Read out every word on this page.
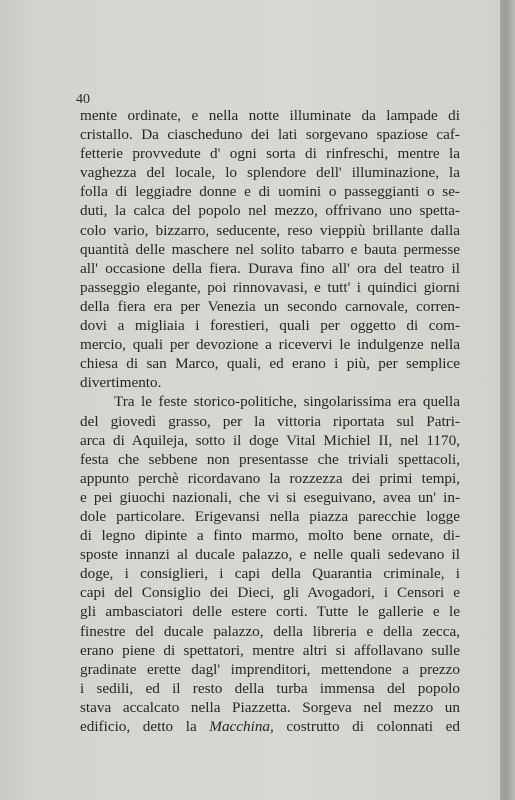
40
mente ordinate, e nella notte illuminate da lampade di
cristallo. Da ciascheduno dei lati sorgevano spaziose caf-
fetterie provvedute d' ogni sorta di rinfreschi, mentre la
vaghezza del locale, lo splendore dell' illuminazione, la
folla di leggiadre donne e di uomini o passeggianti o se-
duti, la calca del popolo nel mezzo, offrivano uno spetta-
colo vario, bizzarro, seducente, reso vieppiù brillante dalla
quantità delle maschere nel solito tabarro e bauta permesse
all' occasione della fiera. Durava fino all' ora del teatro il
passeggio elegante, poi rinnovavasi, e tutt' i quindici giorni
della fiera era per Venezia un secondo carnovale, corren-
dovi a migliaia i forestieri, quali per oggetto di com-
mercio, quali per devozione a ricevervi le indulgenze nella
chiesa di san Marco, quali, ed erano i più, per semplice
divertimento.
Tra le feste storico-politiche, singolarissima era quella
del giovedì grasso, per la vittoria riportata sul Patri-
arca di Aquileja, sotto il doge Vital Michiel II, nel 1170,
festa che sebbene non presentasse che triviali spettacoli,
appunto perchè ricordavano la rozzezza dei primi tempi,
e pei giuochi nazionali, che vi si eseguivano, avea un' in-
dole particolare. Erigevansi nella piazza parecchie logge
di legno dipinte a finto marmo, molto bene ornate, di-
sposte innanzi al ducale palazzo, e nelle quali sedevano il
doge, i consiglieri, i capi della Quarantia criminale, i
capi del Consiglio dei Dieci, gli Avogadori, i Censori e
gli ambasciatori delle estere corti. Tutte le gallerie e le
finestre del ducale palazzo, della libreria e della zecca,
erano piene di spettatori, mentre altri si affollavano sulle
gradinate erette dagl' imprenditori, mettendone a prezzo
i sedili, ed il resto della turba immensa del popolo
stava accalcato nella Piazzetta. Sorgeva nel mezzo un
edificio, detto la Macchina, costrutto di colonnati ed
